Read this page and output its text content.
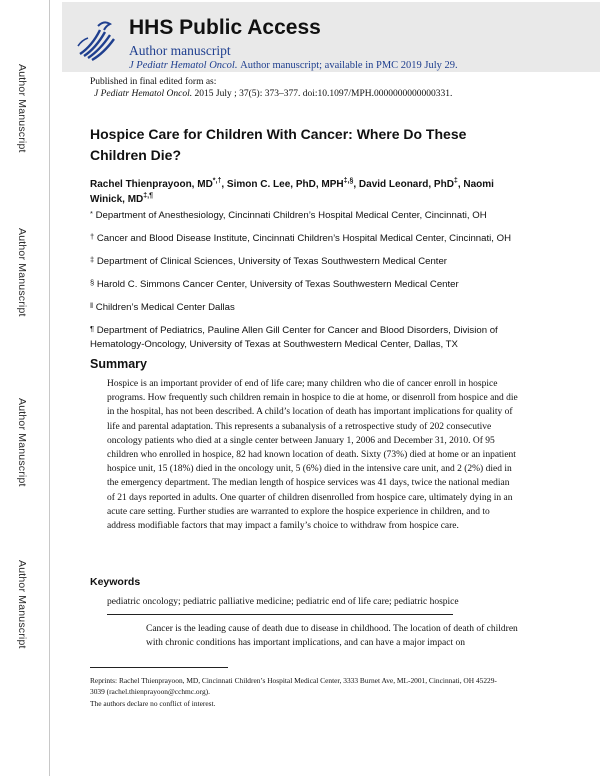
Author Manuscript
Author Manuscript
Author Manuscript
Author Manuscript
HHS Public Access
Author manuscript
J Pediatr Hematol Oncol. Author manuscript; available in PMC 2019 July 29.
Published in final edited form as:
J Pediatr Hematol Oncol. 2015 July ; 37(5): 373–377. doi:10.1097/MPH.0000000000000331.
Hospice Care for Children With Cancer: Where Do These Children Die?
Rachel Thienprayoon, MD*,†, Simon C. Lee, PhD, MPH‡,§, David Leonard, PhD‡, Naomi Winick, MD‡,¶
* Department of Anesthesiology, Cincinnati Children’s Hospital Medical Center, Cincinnati, OH
† Cancer and Blood Disease Institute, Cincinnati Children’s Hospital Medical Center, Cincinnati, OH
‡ Department of Clinical Sciences, University of Texas Southwestern Medical Center
§ Harold C. Simmons Cancer Center, University of Texas Southwestern Medical Center
‖ Children’s Medical Center Dallas
¶ Department of Pediatrics, Pauline Allen Gill Center for Cancer and Blood Disorders, Division of Hematology-Oncology, University of Texas at Southwestern Medical Center, Dallas, TX
Summary
Hospice is an important provider of end of life care; many children who die of cancer enroll in hospice programs. How frequently such children remain in hospice to die at home, or disenroll from hospice and die in the hospital, has not been described. A child’s location of death has important implications for quality of life and parental adaptation. This represents a subanalysis of a retrospective study of 202 consecutive oncology patients who died at a single center between January 1, 2006 and December 31, 2010. Of 95 children who enrolled in hospice, 82 had known location of death. Sixty (73%) died at home or an inpatient hospice unit, 15 (18%) died in the oncology unit, 5 (6%) died in the intensive care unit, and 2 (2%) died in the emergency department. The median length of hospice services was 41 days, twice the national median of 21 days reported in adults. One quarter of children disenrolled from hospice care, ultimately dying in an acute care setting. Further studies are warranted to explore the hospice experience in children, and to address modifiable factors that may impact a family’s choice to withdraw from hospice care.
Keywords
pediatric oncology; pediatric palliative medicine; pediatric end of life care; pediatric hospice
Cancer is the leading cause of death due to disease in childhood. The location of death of children with chronic conditions has important implications, and can have a major impact on

Reprints: Rachel Thienprayoon, MD, Cincinnati Children’s Hospital Medical Center, 3333 Burnet Ave, ML-2001, Cincinnati, OH 45229-3039 (rachel.thienprayoon@cchmc.org).

The authors declare no conflict of interest.
